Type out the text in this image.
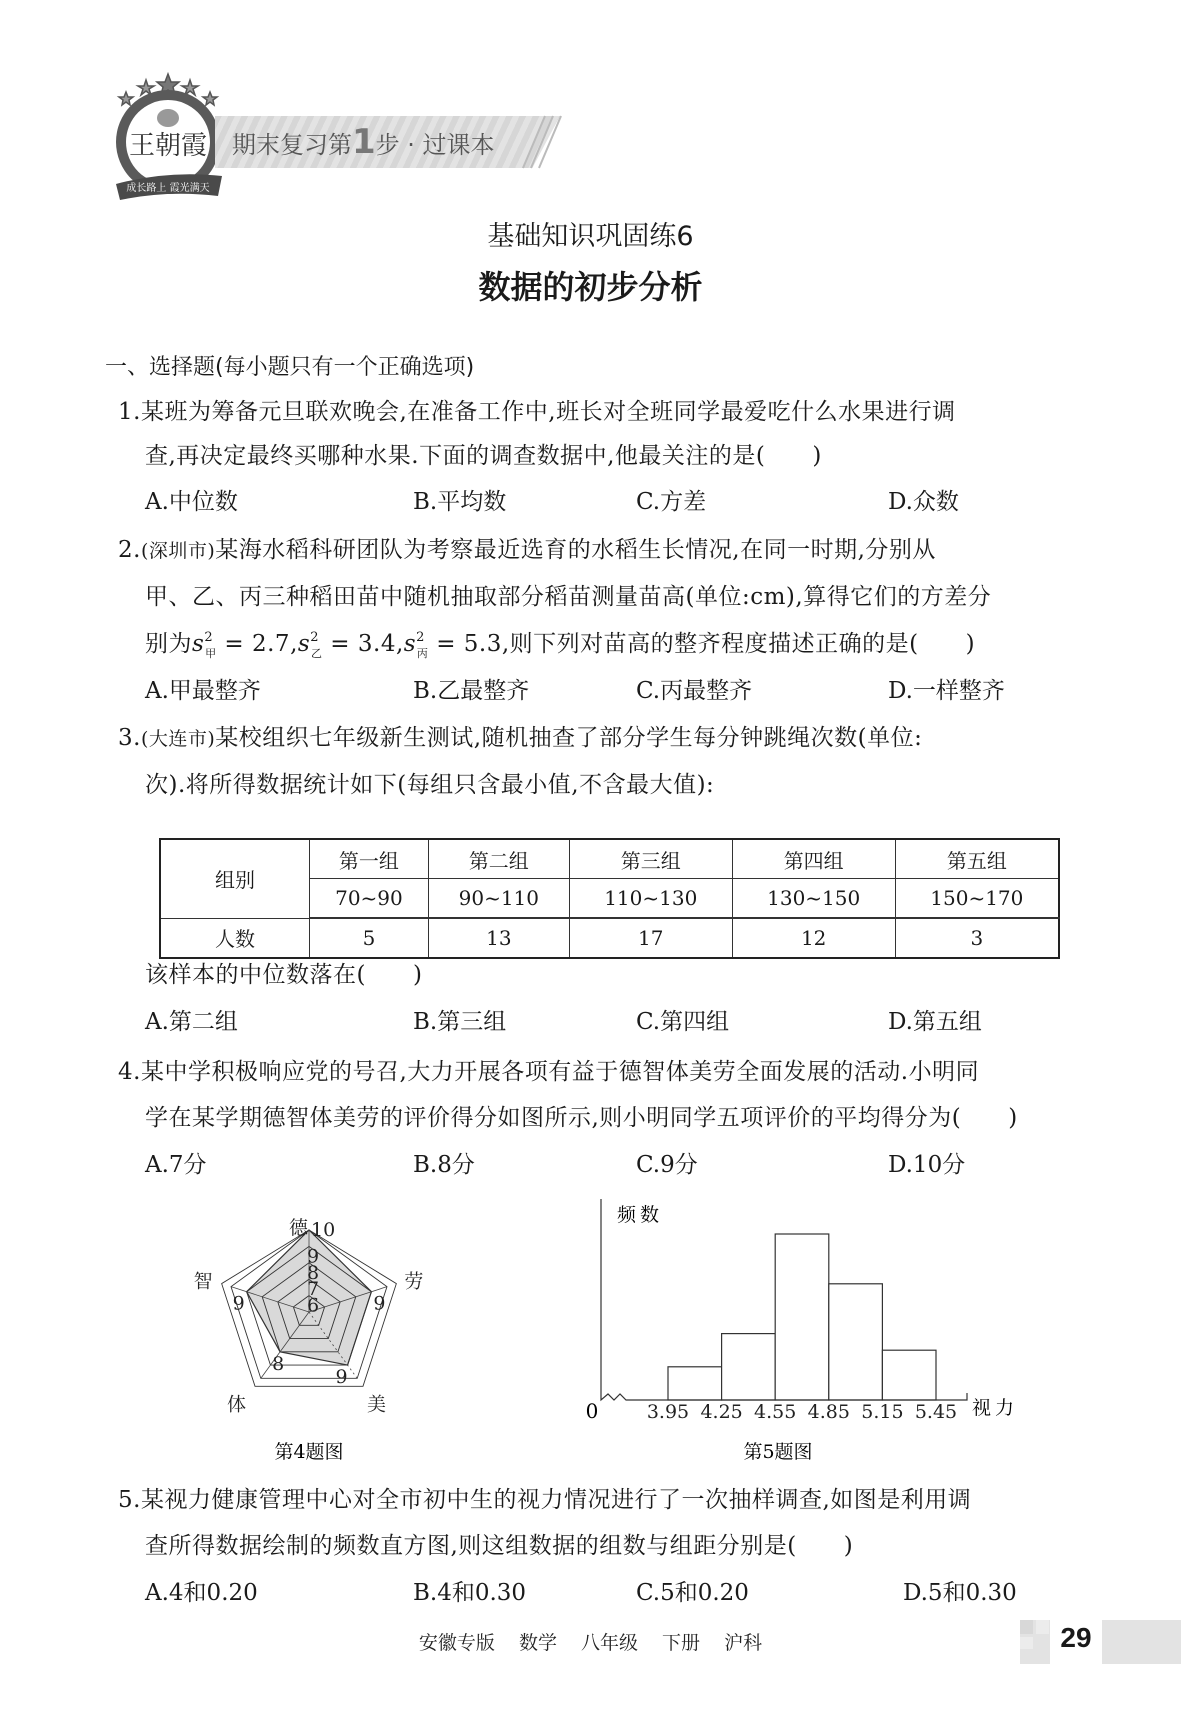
王朝霞
成长路上 霞光满天
期末复习第1步 · 过课本
基础知识巩固练6
数据的初步分析
一、选择题(每小题只有一个正确选项)
1.某班为筹备元旦联欢晚会,在准备工作中,班长对全班同学最爱吃什么水果进行调
查,再决定最终买哪种水果.下面的调查数据中,他最关注的是(　　)
A.中位数	B.平均数	C.方差	D.众数
2.(深圳市)某海水稻科研团队为考察最近选育的水稻生长情况,在同一时期,分别从
甲、乙、丙三种稻田苗中随机抽取部分稻苗测量苗高(单位:cm),算得它们的方差分
别为$s^2_甲 = 2.7,s^2_乙 = 3.4,s^2_丙 = 5.3$,则下列对苗高的整齐程度描述正确的是(　　)
A.甲最整齐	B.乙最整齐	C.丙最整齐	D.一样整齐
3.(大连市)某校组织七年级新生测试,随机抽查了部分学生每分钟跳绳次数(单位:
次).将所得数据统计如下(每组只含最小值,不含最大值):
组别	第一组	第二组	第三组	第四组	第五组
	70~90	90~110	110~130	130~150	150~170
人数	5	13	17	12	3
该样本的中位数落在(　　)
A.第二组	B.第三组	C.第四组	D.第五组
4.某中学积极响应党的号召,大力开展各项有益于德智体美劳全面发展的活动.小明同
学在某学期德智体美劳的评价得分如图所示,则小明同学五项评价的平均得分为(　　)
A.7分	B.8分	C.9分	D.10分
6
7
8
9
10
德
劳
美
体
智
9
9
8
9
第4题图
频数
视力
0	3.95 4.25 4.55 4.85 5.15 5.45
第5题图
5.某视力健康管理中心对全市初中生的视力情况进行了一次抽样调查,如图是利用调
查所得数据绘制的频数直方图,则这组数据的组数与组距分别是(　　)
A.4和0.20	B.4和0.30	C.5和0.20	D.5和0.30
安徽专版 数学 八年级 下册 沪科	29
